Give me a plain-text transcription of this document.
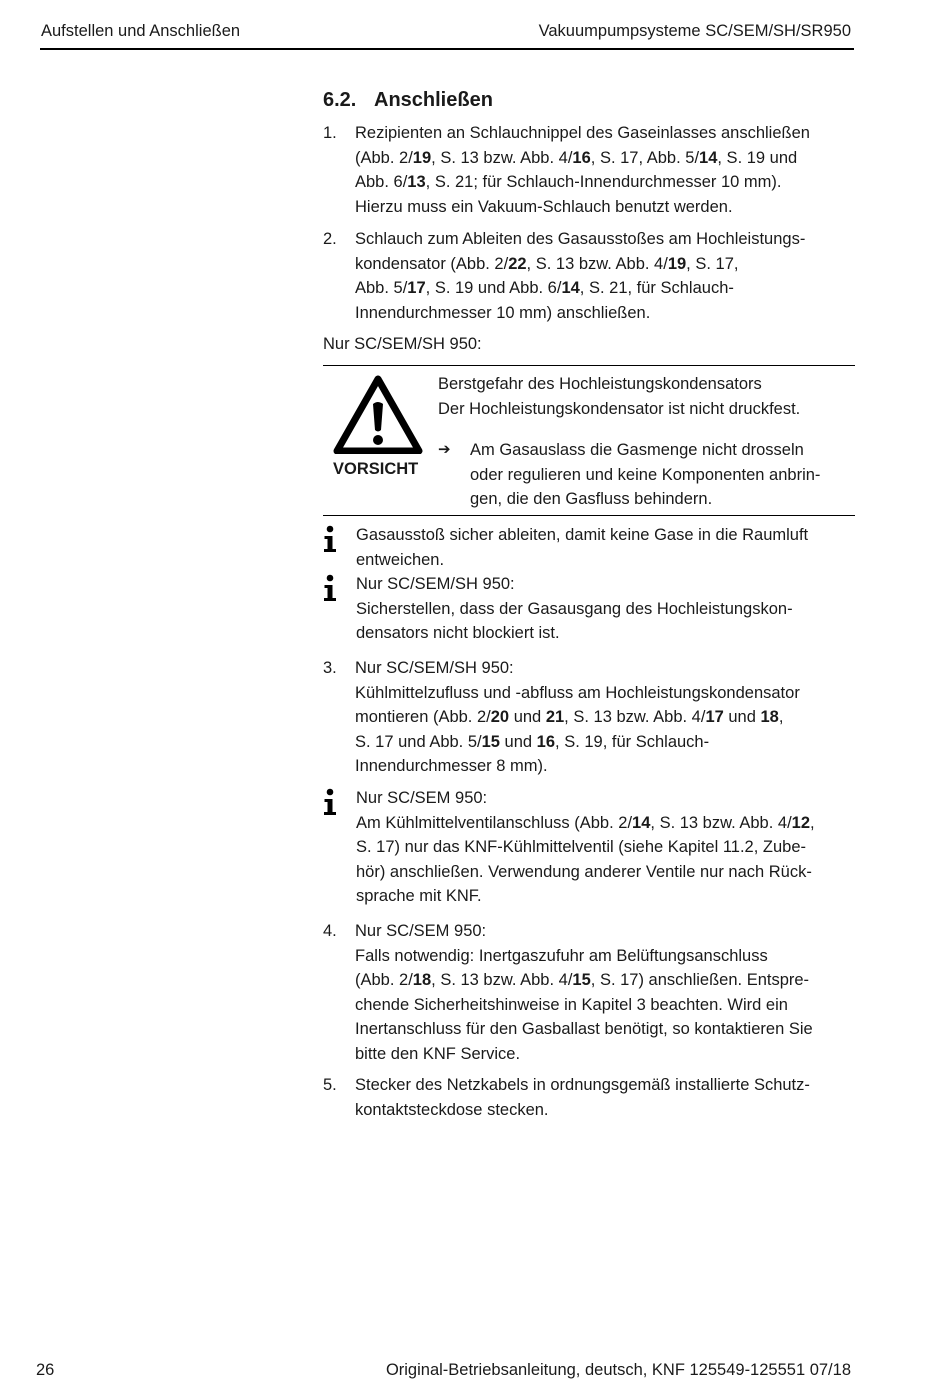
Aufstellen und Anschließen	Vakuumpumpsysteme SC/SEM/SH/SR950
6.2. Anschließen
1. Rezipienten an Schlauchnippel des Gaseinlasses anschließen
(Abb. 2/19, S. 13 bzw. Abb. 4/16, S. 17, Abb. 5/14, S. 19 und
Abb. 6/13, S. 21; für Schlauch-Innendurchmesser 10 mm).
Hierzu muss ein Vakuum-Schlauch benutzt werden.
2. Schlauch zum Ableiten des Gasausstoßes am Hochleistungs-
kondensator (Abb. 2/22, S. 13 bzw. Abb. 4/19, S. 17,
Abb. 5/17, S. 19 und Abb. 6/14, S. 21, für Schlauch-
Innendurchmesser 10 mm) anschließen.
Nur SC/SEM/SH 950:
VORSICHT
Berstgefahr des Hochleistungskondensators
Der Hochleistungskondensator ist nicht druckfest.
➔ Am Gasauslass die Gasmenge nicht drosseln
oder regulieren und keine Komponenten anbrin-
gen, die den Gasfluss behindern.
Gasausstoß sicher ableiten, damit keine Gase in die Raumluft
entweichen.
Nur SC/SEM/SH 950:
Sicherstellen, dass der Gasausgang des Hochleistungskon-
densators nicht blockiert ist.
3. Nur SC/SEM/SH 950:
Kühlmittelzufluss und -abfluss am Hochleistungskondensator
montieren (Abb. 2/20 und 21, S. 13 bzw. Abb. 4/17 und 18,
S. 17 und Abb. 5/15 und 16, S. 19, für Schlauch-
Innendurchmesser 8 mm).
Nur SC/SEM 950:
Am Kühlmittelventilanschluss (Abb. 2/14, S. 13 bzw. Abb. 4/12,
S. 17) nur das KNF-Kühlmittelventil (siehe Kapitel 11.2, Zube-
hör) anschließen. Verwendung anderer Ventile nur nach Rück-
sprache mit KNF.
4. Nur SC/SEM 950:
Falls notwendig: Inertgaszufuhr am Belüftungsanschluss
(Abb. 2/18, S. 13 bzw. Abb. 4/15, S. 17) anschließen. Entspre-
chende Sicherheitshinweise in Kapitel 3 beachten. Wird ein
Inertanschluss für den Gasballast benötigt, so kontaktieren Sie
bitte den KNF Service.
5. Stecker des Netzkabels in ordnungsgemäß installierte Schutz-
kontaktsteckdose stecken.
26	Original-Betriebsanleitung, deutsch, KNF 125549-125551 07/18
